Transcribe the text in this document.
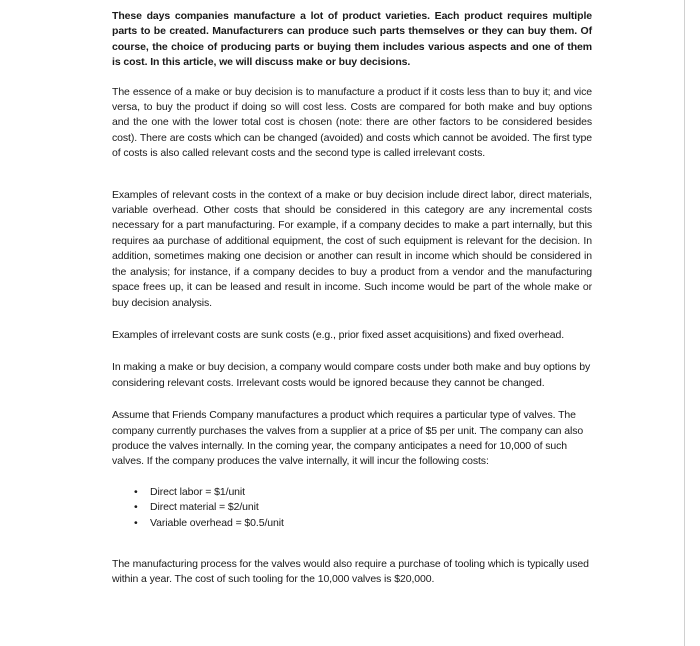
These days companies manufacture a lot of product varieties. Each product requires multiple parts to be created. Manufacturers can produce such parts themselves or they can buy them. Of course, the choice of producing parts or buying them includes various aspects and one of them is cost. In this article, we will discuss make or buy decisions.

The essence of a make or buy decision is to manufacture a product if it costs less than to buy it; and vice versa, to buy the product if doing so will cost less. Costs are compared for both make and buy options and the one with the lower total cost is chosen (note: there are other factors to be considered besides cost). There are costs which can be changed (avoided) and costs which cannot be avoided. The first type of costs is also called relevant costs and the second type is called irrelevant costs.

Examples of relevant costs in the context of a make or buy decision include direct labor, direct materials, variable overhead. Other costs that should be considered in this category are any incremental costs necessary for a part manufacturing. For example, if a company decides to make a part internally, but this requires aa purchase of additional equipment, the cost of such equipment is relevant for the decision. In addition, sometimes making one decision or another can result in income which should be considered in the analysis; for instance, if a company decides to buy a product from a vendor and the manufacturing space frees up, it can be leased and result in income. Such income would be part of the whole make or buy decision analysis.

Examples of irrelevant costs are sunk costs (e.g., prior fixed asset acquisitions) and fixed overhead.

In making a make or buy decision, a company would compare costs under both make and buy options by considering relevant costs. Irrelevant costs would be ignored because they cannot be changed.

Assume that Friends Company manufactures a product which requires a particular type of valves. The company currently purchases the valves from a supplier at a price of $5 per unit. The company can also produce the valves internally. In the coming year, the company anticipates a need for 10,000 of such valves. If the company produces the valve internally, it will incur the following costs:

• Direct labor = $1/unit
• Direct material = $2/unit
• Variable overhead = $0.5/unit

The manufacturing process for the valves would also require a purchase of tooling which is typically used within a year. The cost of such tooling for the 10,000 valves is $20,000.
